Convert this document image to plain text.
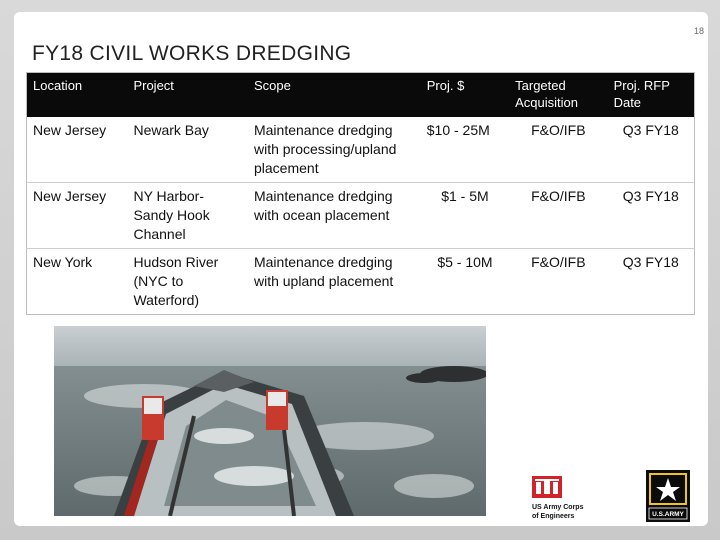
18
FY18 CIVIL WORKS DREDGING
Location	Project	Scope	Proj. $	Targeted Acquisition	Proj. RFP Date
New Jersey	Newark Bay	Maintenance dredging with processing/upland placement	$10 - 25M	F&O/IFB	Q3 FY18
New Jersey	NY Harbor-Sandy Hook Channel	Maintenance dredging with ocean placement	$1 - 5M	F&O/IFB	Q3 FY18
New York	Hudson River (NYC to Waterford)	Maintenance dredging with upland placement	$5 - 10M	F&O/IFB	Q3 FY18
US Army Corps
of Engineers	U.S.ARMY
